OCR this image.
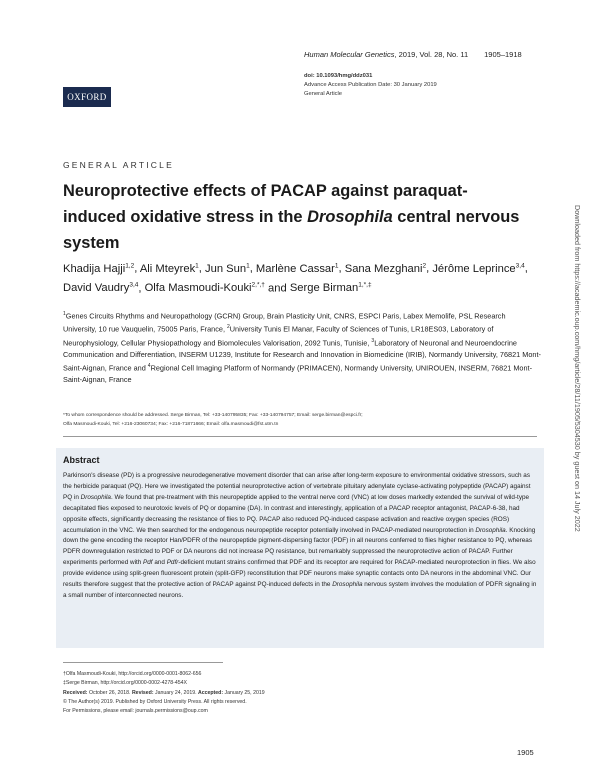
OXFORD
Human Molecular Genetics, 2019, Vol. 28, No. 11 1905–1918
doi: 10.1093/hmg/ddz031
Advance Access Publication Date: 30 January 2019
General Article
GENERAL ARTICLE
Neuroprotective effects of PACAP against paraquat-induced oxidative stress in the Drosophila central nervous system
Khadija Hajji$^{1,2}$, Ali Mteyrek$^1$, Jun Sun$^1$, Marlène Cassar$^1$, Sana Mezghani$^2$, Jérôme Leprince$^{3,4}$, David Vaudry$^{3,4}$, Olfa Masmoudi-Kouki$^{2,*,\dagger}$ and Serge Birman$^{1,*,\ddagger}$
$^1$Genes Circuits Rhythms and Neuropathology (GCRN) Group, Brain Plasticity Unit, CNRS, ESPCI Paris, Labex Memolife, PSL Research University, 10 rue Vauquelin, 75005 Paris, France, $^2$University Tunis El Manar, Faculty of Sciences of Tunis, LR18ES03, Laboratory of Neurophysiology, Cellular Physiopathology and Biomolecules Valorisation, 2092 Tunis, Tunisie, $^3$Laboratory of Neuronal and Neuroendocrine Communication and Differentiation, INSERM U1239, Institute for Research and Innovation in Biomedicine (IRIB), Normandy University, 76821 Mont-Saint-Aignan, France and $^4$Regional Cell Imaging Platform of Normandy (PRIMACEN), Normandy University, UNIROUEN, INSERM, 76821 Mont-Saint-Aignan, France
*To whom correspondence should be addressed. Serge Birman, Tel: +33-140795835; Fax: +33-140794757; Email: serge.birman@espci.fr;
Olfa Masmoudi-Kouki, Tel: +216-23060734; Fax: +216-71871666; Email: olfa.masmoudi@fst.utm.tn
Abstract
Parkinson's disease (PD) is a progressive neurodegenerative movement disorder that can arise after long-term exposure to environmental oxidative stressors, such as the herbicide paraquat (PQ). Here we investigated the potential neuroprotective action of vertebrate pituitary adenylate cyclase-activating polypeptide (PACAP) against PQ in Drosophila. We found that pre-treatment with this neuropeptide applied to the ventral nerve cord (VNC) at low doses markedly extended the survival of wild-type decapitated flies exposed to neurotoxic levels of PQ or dopamine (DA). In contrast and interestingly, application of a PACAP receptor antagonist, PACAP-6-38, had opposite effects, significantly decreasing the resistance of flies to PQ. PACAP also reduced PQ-induced caspase activation and reactive oxygen species (ROS) accumulation in the VNC. We then searched for the endogenous neuropeptide receptor potentially involved in PACAP-mediated neuroprotection in Drosophila. Knocking down the gene encoding the receptor Han/PDFR of the neuropeptide pigment-dispersing factor (PDF) in all neurons conferred to flies higher resistance to PQ, whereas PDFR downregulation restricted to PDF or DA neurons did not increase PQ resistance, but remarkably suppressed the neuroprotective action of PACAP. Further experiments performed with Pdf and Pdfr-deficient mutant strains confirmed that PDF and its receptor are required for PACAP-mediated neuroprotection in flies. We also provide evidence using split-green fluorescent protein (split-GFP) reconstitution that PDF neurons make synaptic contacts onto DA neurons in the abdominal VNC. Our results therefore suggest that the protective action of PACAP against PQ-induced defects in the Drosophila nervous system involves the modulation of PDFR signaling in a small number of interconnected neurons.
†Olfa Masmoudi-Kouki, http://orcid.org/0000-0001-8062-656
‡Serge Birman, http://orcid.org/0000-0002-4278-454X
Received: October 26, 2018. Revised: January 24, 2019. Accepted: January 25, 2019
© The Author(s) 2019. Published by Oxford University Press. All rights reserved.
For Permissions, please email: journals.permissions@oup.com
1905
Downloaded from https://academic.oup.com/hmg/article/28/11/1905/5304530 by guest on 14 July 2022
